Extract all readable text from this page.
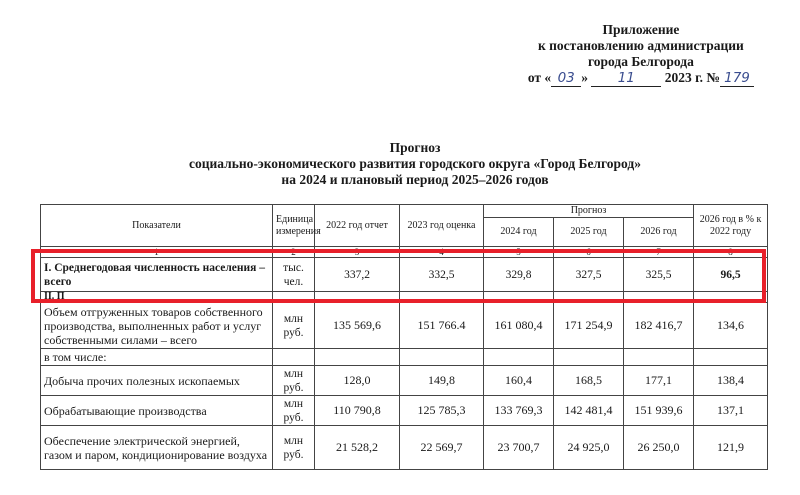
Приложение
к постановлению администрации
города Белгорода
от « 03 » 11 2023 г. № 179
Прогноз
социально-экономического развития городского округа «Город Белгород»
на 2024 и плановый период 2025–2026 годов
Показатели	Единица измерения	2022 год отчет	2023 год оценка	Прогноз			2026 год в % к 2022 году
				2024 год	2025 год	2026 год	
1	2	3	4	5	6	7	8
I. Среднегодовая численность населения – всего	тыс. чел.	337,2	332,5	329,8	327,5	325,5	96,5
II. П							
Объем отгруженных товаров собственного производства, выполненных работ и услуг собственными силами – всего	млн руб.	135 569,6	151 766.4	161 080,4	171 254,9	182 416,7	134,6
в том числе:							
Добыча прочих полезных ископаемых	млн руб.	128,0	149,8	160,4	168,5	177,1	138,4
Обрабатывающие производства	млн руб.	110 790,8	125 785,3	133 769,3	142 481,4	151 939,6	137,1
Обеспечение электрической энергией, газом и паром, кондиционирование воздуха	млн руб.	21 528,2	22 569,7	23 700,7	24 925,0	26 250,0	121,9
